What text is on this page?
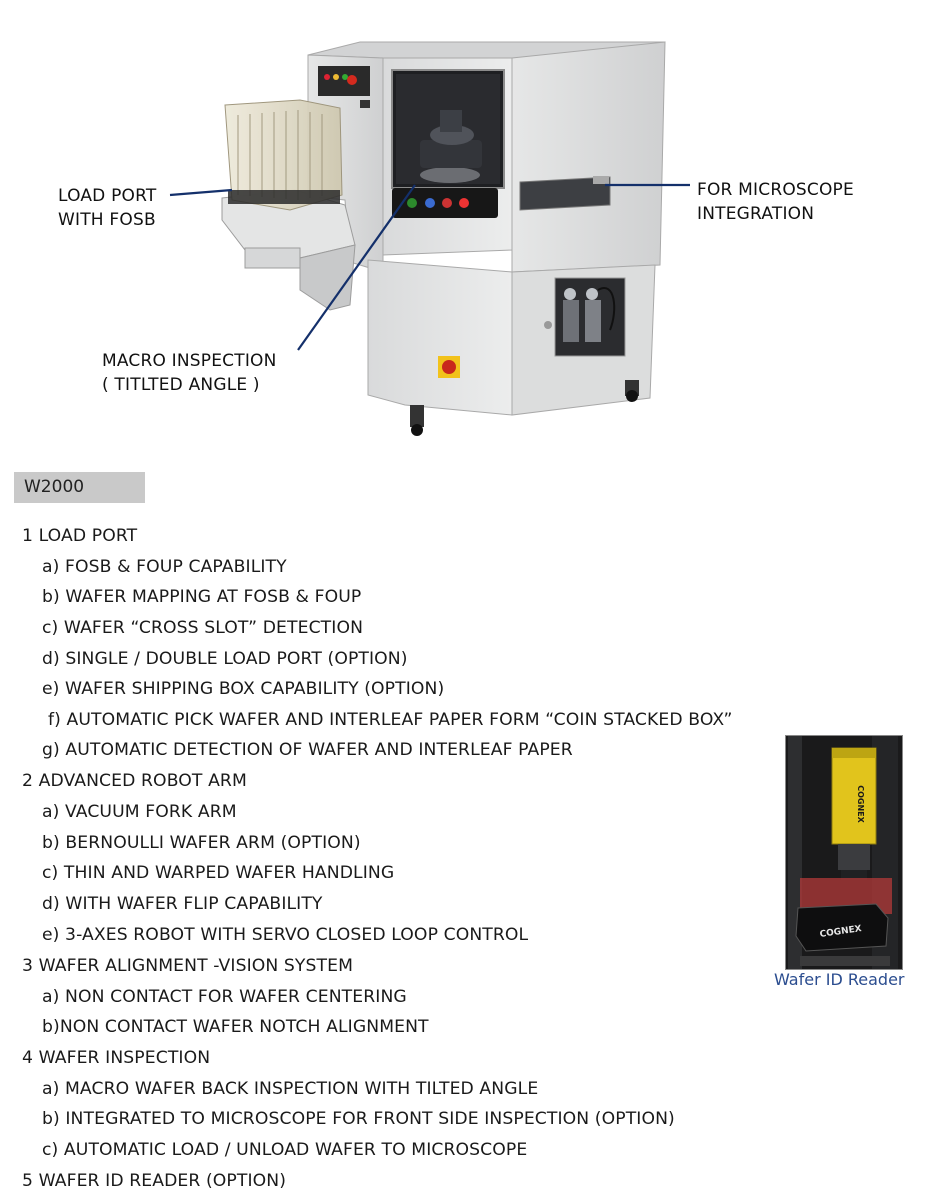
LOAD PORT
WITH FOSB
FOR MICROSCOPE
INTEGRATION
MACRO INSPECTION
( TITLTED ANGLE )
W2000
1 LOAD PORT
a) FOSB & FOUP CAPABILITY
b) WAFER MAPPING AT FOSB & FOUP
c) WAFER “CROSS SLOT” DETECTION
d) SINGLE / DOUBLE LOAD PORT (OPTION)
e) WAFER SHIPPING BOX CAPABILITY (OPTION)
f) AUTOMATIC PICK WAFER AND INTERLEAF PAPER FORM “COIN STACKED BOX”
g) AUTOMATIC DETECTION OF WAFER AND INTERLEAF PAPER
2 ADVANCED ROBOT ARM
a) VACUUM FORK ARM
b) BERNOULLI WAFER ARM (OPTION)
c) THIN AND WARPED WAFER HANDLING
d) WITH WAFER FLIP CAPABILITY
e) 3-AXES ROBOT WITH SERVO CLOSED LOOP CONTROL
3 WAFER ALIGNMENT -VISION SYSTEM
a) NON CONTACT FOR WAFER CENTERING
b)NON CONTACT WAFER NOTCH ALIGNMENT
4 WAFER INSPECTION
a) MACRO WAFER BACK INSPECTION WITH TILTED ANGLE
b) INTEGRATED TO MICROSCOPE FOR FRONT SIDE INSPECTION (OPTION)
c) AUTOMATIC LOAD / UNLOAD WAFER TO MICROSCOPE
5 WAFER ID READER (OPTION)
COGNEX
COGNEX
Wafer ID Reader
